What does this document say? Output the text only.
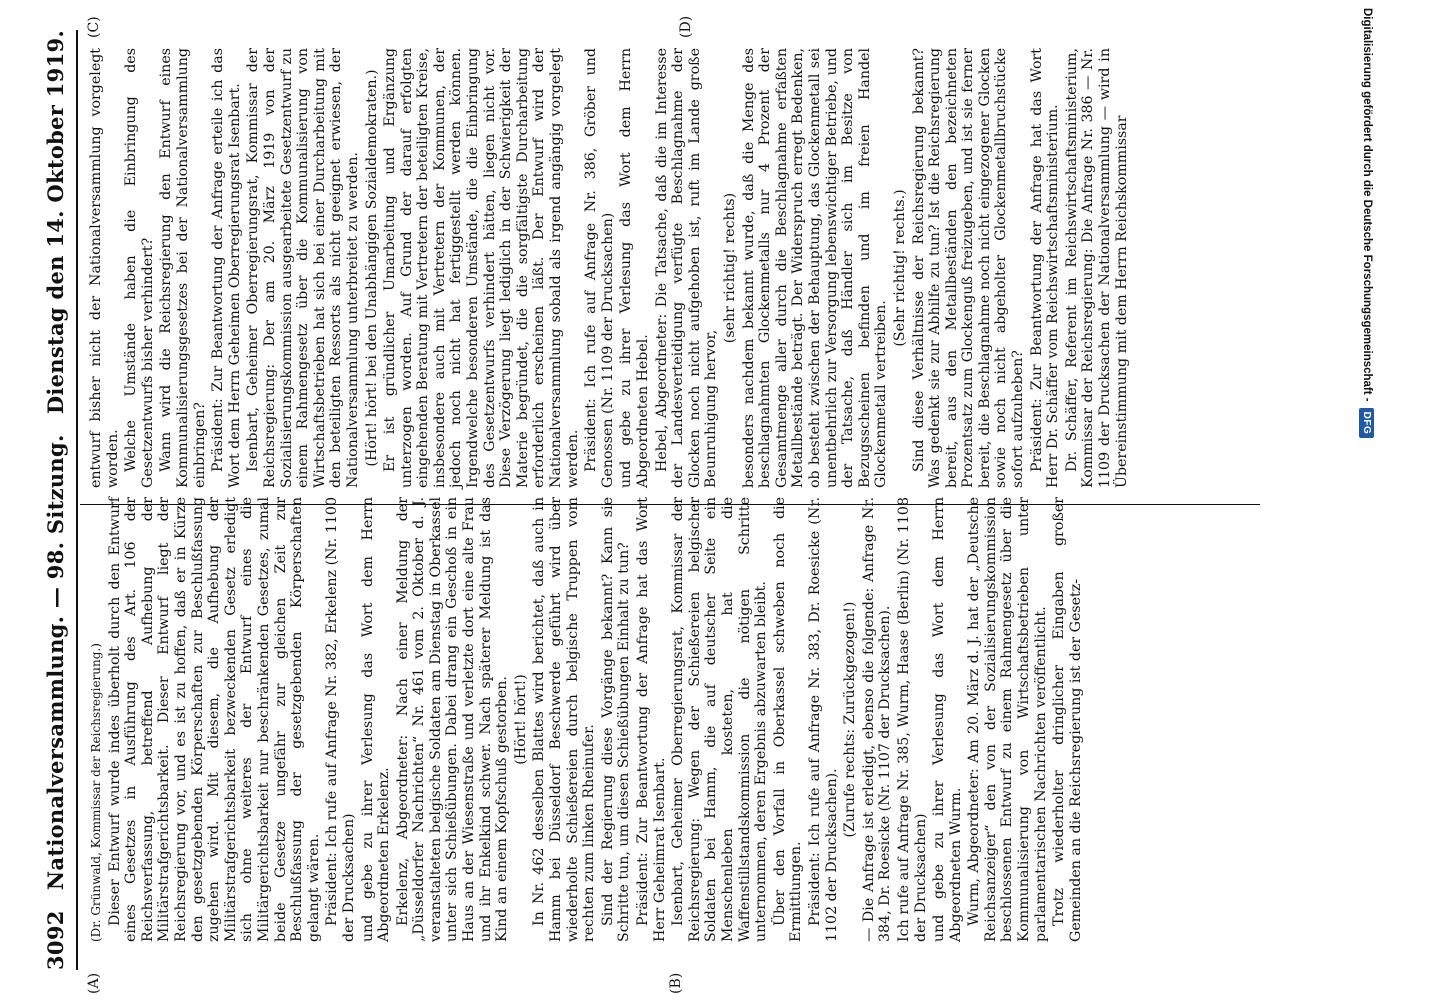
3092
Nationalversammlung. — 98. Sitzung.
Dienstag den 14. Oktober 1919.
(A)	(B)
(C)	(D)

(Dr. Grünwald, Kommissar der Reichsregierung.) Dieser Entwurf wurde indes überholt durch den Entwurf eines Gesetzes in Ausführung des Art. 106 der Reichsverfassung, betreffend Aufhebung der Militärstrafgerichtsbarkeit. Dieser Entwurf liegt der Reichsregierung vor, und es ist zu hoffen, daß er in Kürze den gesetzgebenden Körperschaften zur Beschlußfassung zugehen wird. Mit diesem, die Aufhebung der Militärstrafgerichtsbarkeit bezweckenden Gesetz erledigt sich ohne weiteres der Entwurf eines die Militärgerichtsbarkeit nur beschränkenden Gesetzes, zumal beide Gesetze ungefähr zur gleichen Zeit zur Beschlußfassung der gesetzgebenden Körperschaften gelangt wären. Präsident: Ich rufe auf Anfrage Nr. 382, Erkelenz (Nr. 1100 der Drucksachen) und gebe zu ihrer Verlesung das Wort dem Herrn Abgeordneten Erkelenz. Erkelenz, Abgeordneter: Nach einer Meldung der „Düsseldorfer Nachrichten“ Nr. 461 vom 2. Oktober d. J. veranstalteten belgische Soldaten am Dienstag in Oberkassel unter sich Schießübungen. Dabei drang ein Geschoß in ein Haus an der Wiesenstraße und verletzte dort eine alte Frau und ihr Enkelkind schwer. Nach späterer Meldung ist das Kind an einem Kopfschuß gestorben. (Hört! hört!) In Nr. 462 desselben Blattes wird berichtet, daß auch in Hamm bei Düsseldorf Beschwerde geführt wird über wiederholte Schießereien durch belgische Truppen vom rechten zum linken Rheinufer. Sind der Regierung diese Vorgänge bekannt? Kann sie Schritte tun, um diesen Schießübungen Einhalt zu tun? Präsident: Zur Beantwortung der Anfrage hat das Wort Herr Geheimrat Isenbart. Isenbart, Geheimer Oberregierungsrat, Kommissar der Reichsregierung: Wegen der Schießereien belgischer Soldaten bei Hamm, die auf deutscher Seite ein Menschenleben kosteten, hat die Waffenstillstandskommission die nötigen Schritte unternommen, deren Ergebnis abzuwarten bleibt. Über den Vorfall in Oberkassel schweben noch die Ermittlungen. Präsident: Ich rufe auf Anfrage Nr. 383, Dr. Roesicke (Nr. 1102 der Drucksachen).

(Zurufe rechts: Zurückgezogen!) — Die Anfrage ist erledigt, ebenso die folgende: Anfrage Nr. 384, Dr. Roesicke (Nr. 1107 der Drucksachen). Ich rufe auf Anfrage Nr. 385, Wurm, Haase (Berlin) (Nr. 1108 der Drucksachen) und gebe zu ihrer Verlesung das Wort dem Herrn Abgeordneten Wurm. Wurm, Abgeordneter: Am 20. März d. J. hat der „Deutsche Reichsanzeiger“ den von der Sozialisierungskommission beschlossenen Entwurf zu einem Rahmengesetz über die Kommunalisierung von Wirtschaftsbetrieben unter parlamentarischen Nachrichten veröffentlicht. Trotz wiederholter dringlicher Eingaben großer Gemeinden an die Reichsregierung ist der Gesetz-

entwurf bisher nicht der Nationalversammlung vorgelegt worden. Welche Umstände haben die Einbringung des Gesetzentwurfs bisher verhindert? Wann wird die Reichsregierung den Entwurf eines Kommunalisierungsgesetzes bei der Nationalversammlung einbringen? Präsident: Zur Beantwortung der Anfrage erteile ich das Wort dem Herrn Geheimen Oberregierungsrat Isenbart. Isenbart, Geheimer Oberregierungsrat, Kommissar der Reichsregierung: Der am 20. März 1919 von der Sozialisierungskommission ausgearbeitete Gesetzentwurf zu einem Rahmengesetz über die Kommunalisierung von Wirtschaftsbetrieben hat sich bei einer Durcharbeitung mit den beteiligten Ressorts als nicht geeignet erwiesen, der Nationalversammlung unterbreitet zu werden. (Hört! hört! bei den Unabhängigen Sozialdemokraten.) Er ist gründlicher Umarbeitung und Ergänzung unterzogen worden. Auf Grund der darauf erfolgten eingehenden Beratung mit Vertretern der beteiligten Kreise, insbesondere auch mit Vertretern der Kommunen, der jedoch noch nicht hat fertiggestellt werden können. Irgendwelche besonderen Umstände, die die Einbringung des Gesetzentwurfs verhindert hätten, liegen nicht vor. Diese Verzögerung liegt lediglich in der Schwierigkeit der Materie begründet, die die sorgfältigste Durcharbeitung erforderlich erscheinen läßt. Der Entwurf wird der Nationalversammlung sobald als irgend angängig vorgelegt werden. Präsident: Ich rufe auf Anfrage Nr. 386, Gröber und Genossen (Nr. 1109 der Drucksachen) und gebe zu ihrer Verlesung das Wort dem Herrn Abgeordneten Hebel. Hebel, Abgeordneter: Die Tatsache, daß die im Interesse der Landesverteidigung verfügte Beschlagnahme der Glocken noch nicht aufgehoben ist, ruft im Lande große Beunruhigung hervor,

(sehr richtig! rechts) besonders nachdem bekannt wurde, daß die Menge des beschlagnahmten Glockenmetalls nur 4 Prozent der Gesamtmenge aller durch die Beschlagnahme erfaßten Metallbestände beträgt. Der Widerspruch erregt Bedenken, ob besteht zwischen der Behauptung, das Glockenmetall sei unentbehrlich zur Versorgung lebenswichtiger Betriebe, und der Tatsache, daß Händler sich im Besitze von Bezugsscheinen befinden und im freien Handel Glockenmetall vertreiben.

(Sehr richtig! rechts.) Sind diese Verhältnisse der Reichsregierung bekannt? Was gedenkt sie zur Abhilfe zu tun? Ist die Reichsregierung bereit, aus den Metallbeständen den bezeichneten Prozentsatz zum Glockenguß freizugeben, und ist sie ferner bereit, die Beschlagnahme noch nicht eingezogener Glocken sowie noch nicht abgeholter Glockenmetallbruchstücke sofort aufzuheben? Präsident: Zur Beantwortung der Anfrage hat das Wort Herr Dr. Schäffer vom Reichswirtschaftsministerium. Dr. Schäffer, Referent im Reichswirtschaftsministerium, Kommissar der Reichsregierung: Die Anfrage Nr. 386 — Nr. 1109 der Drucksachen der Nationalversammlung — wird in Übereinstimmung mit dem Herrn Reichskommissar	Digitalisierung gefördert durch die Deutsche Forschungsgemeinschaft -
DFG
